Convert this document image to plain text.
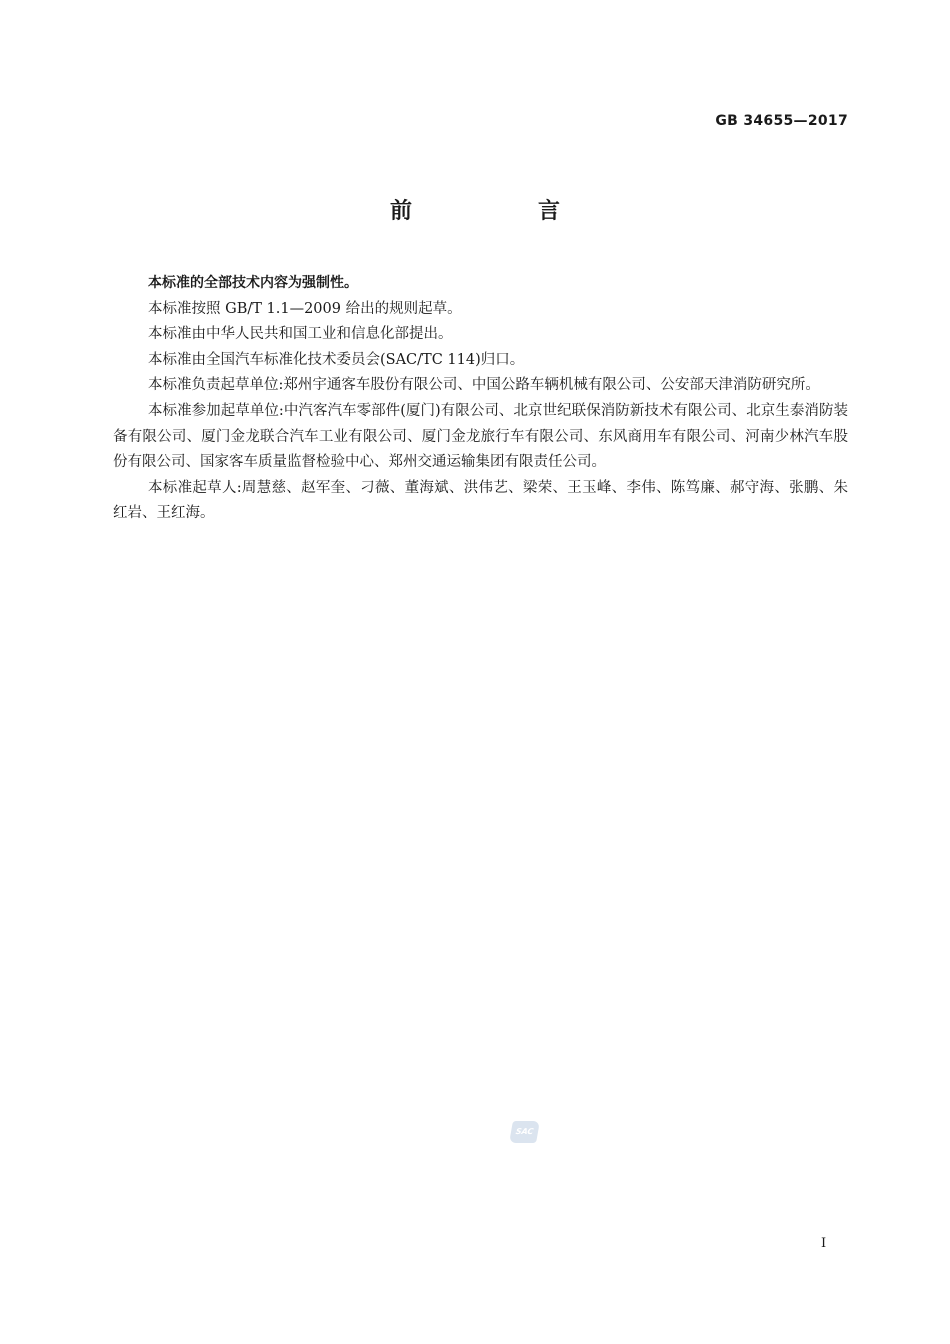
GB 34655—2017
前　言

本标准的全部技术内容为强制性。

本标准按照 GB/T 1.1—2009 给出的规则起草。

本标准由中华人民共和国工业和信息化部提出。

本标准由全国汽车标准化技术委员会(SAC/TC 114)归口。

本标准负责起草单位:郑州宇通客车股份有限公司、中国公路车辆机械有限公司、公安部天津消防研究所。

本标准参加起草单位:中汽客汽车零部件(厦门)有限公司、北京世纪联保消防新技术有限公司、北京生泰消防装备有限公司、厦门金龙联合汽车工业有限公司、厦门金龙旅行车有限公司、东风商用车有限公司、河南少林汽车股份有限公司、国家客车质量监督检验中心、郑州交通运输集团有限责任公司。

本标准起草人:周慧慈、赵军奎、刁薇、董海斌、洪伟艺、梁荣、王玉峰、李伟、陈笃廉、郝守海、张鹏、朱红岩、王红海。

SAC
I
